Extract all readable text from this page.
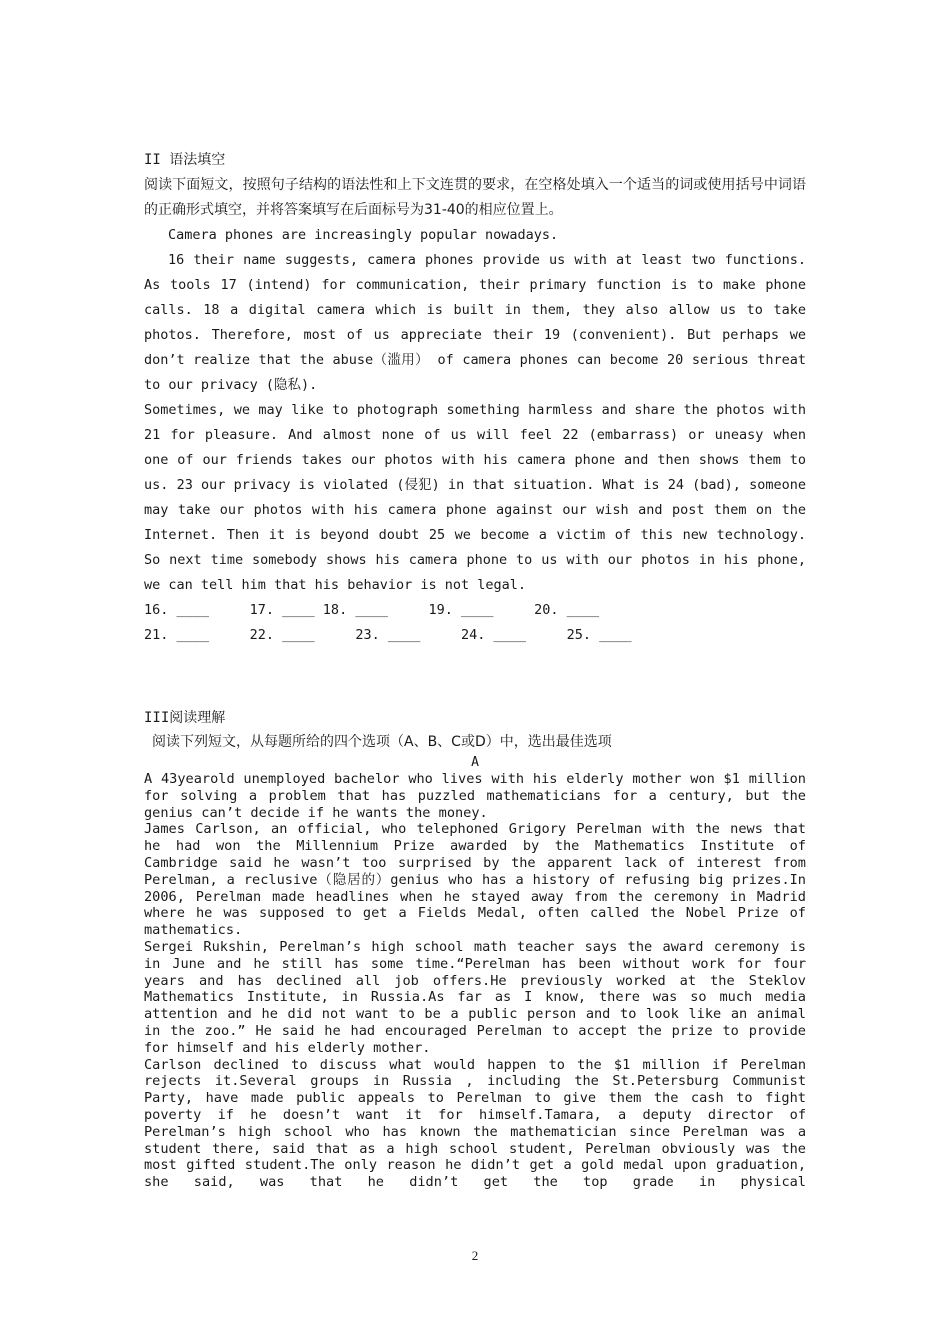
II 语法填空
阅读下面短文，按照句子结构的语法性和上下文连贯的要求，在空格处填入一个适当的词或使用括号中词语的正确形式填空，并将答案填写在后面标号为31-40的相应位置上。
Camera phones are increasingly popular nowadays.
16 their name suggests, camera phones provide us with at least two functions. As tools 17 (intend) for communication, their primary function is to make phone calls. 18 a digital camera which is built in them, they also allow us to take photos. Therefore, most of us appreciate their 19 (convenient). But perhaps we don’t realize that the abuse（滥用） of camera phones can become 20 serious threat to our privacy (隐私).
Sometimes, we may like to photograph something harmless and share the photos with 21 for pleasure. And almost none of us will feel 22 (embarrass) or uneasy when one of our friends takes our photos with his camera phone and then shows them to us. 23 our privacy is violated (侵犯) in that situation. What is 24 (bad), someone may take our photos with his camera phone against our wish and post them on the Internet. Then it is beyond doubt 25 we become a victim of this new technology. So next time somebody shows his camera phone to us with our photos in his phone, we can tell him that his behavior is not legal.
16. ____     17. ____ 18. ____     19. ____     20. ____
21. ____     22. ____     23. ____     24. ____     25. ____
III阅读理解
阅读下列短文，从每题所给的四个选项（A、B、C或D）中，选出最佳选项
A
A 43yearold unemployed bachelor who lives with his elderly mother won $1 million for solving a problem that has puzzled mathematicians for a century, but the genius can’t decide if he wants the money.
James Carlson, an official, who telephoned Grigory Perelman with the news that he had won the Millennium Prize awarded by the Mathematics Institute of Cambridge said he wasn’t too surprised by the apparent lack of interest from Perelman, a reclusive（隐居的）genius who has a history of refusing big prizes.In 2006, Perelman made headlines when he stayed away from the ceremony in Madrid where he was supposed to get a Fields Medal, often called the Nobel Prize of mathematics.
Sergei Rukshin, Perelman’s high school math teacher says the award ceremony is in June and he still has some time.“Perelman has been without work for four years and has declined all job offers.He previously worked at the Steklov Mathematics Institute, in Russia.As far as I know, there was so much media attention and he did not want to be a public person and to look like an animal in the zoo.” He said he had encouraged Perelman to accept the prize to provide for himself and his elderly mother.
Carlson declined to discuss what would happen to the $1 million if Perelman rejects it.Several groups in Russia , including the St.Petersburg Communist Party, have made public appeals to Perelman to give them the cash to fight poverty if he doesn’t want it for himself.Tamara, a deputy director of Perelman’s high school who has known the mathematician since Perelman was a student there, said that as a high school student, Perelman obviously was the most gifted student.The only reason he didn’t get a gold medal upon graduation, she said, was that he didn’t get the top grade in physical
2
